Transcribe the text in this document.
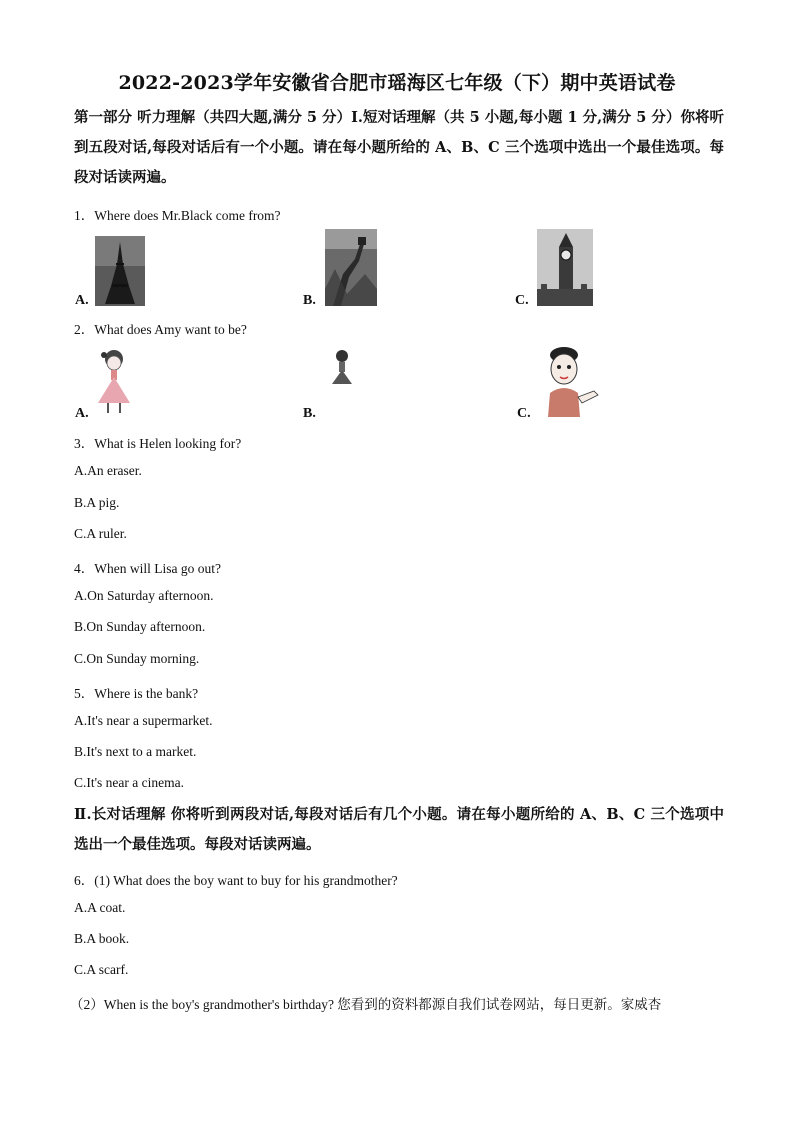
2022-2023学年安徽省合肥市瑶海区七年级（下）期中英语试卷
第一部分 听力理解（共四大题,满分 5 分）Ⅰ.短对话理解（共 5 小题,每小题 1 分,满分 5 分）你将听到五段对话,每段对话后有一个小题。请在每小题所给的 A、B、C 三个选项中选出一个最佳选项。每段对话读两遍。
1．Where does Mr.Black come from?
A.	B.	C.
2．What does Amy want to be?
A.	B.	C.
3．What is Helen looking for?
A.An eraser.
B.A pig.
C.A ruler.
4．When will Lisa go out?
A.On Saturday afternoon.
B.On Sunday afternoon.
C.On Sunday morning.
5．Where is the bank?
A.It's near a supermarket.
B.It's next to a market.
C.It's near a cinema.
Ⅱ.长对话理解 你将听到两段对话,每段对话后有几个小题。请在每小题所给的 A、B、C 三个选项中选出一个最佳选项。每段对话读两遍。
6．(1) What does the boy want to buy for his grandmother?
A.A coat.
B.A book.
C.A scarf.
（2）When is the boy's grandmother's birthday? 您看到的资料都源自我们试卷网站，每日更新。家威杏
